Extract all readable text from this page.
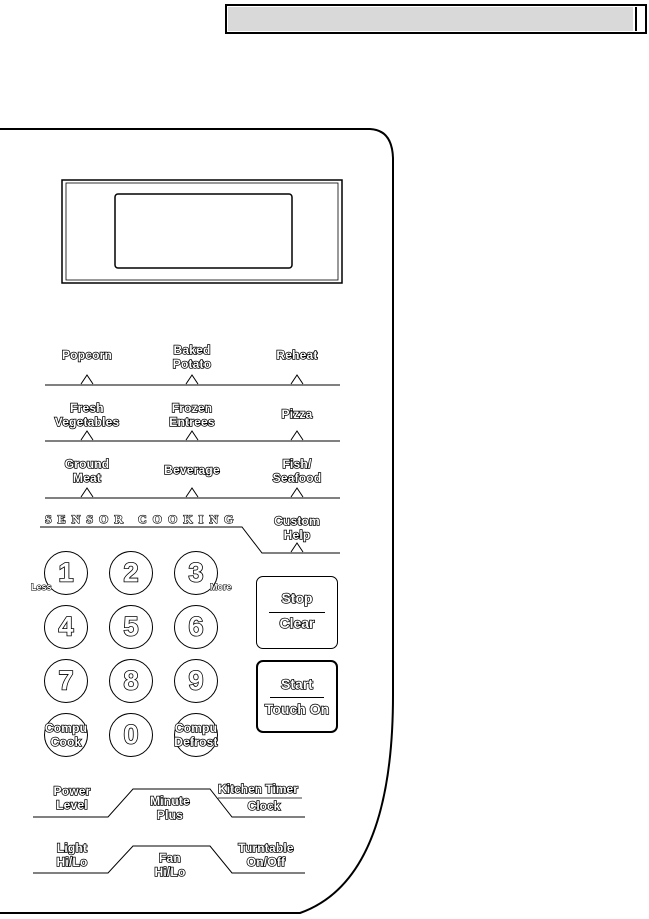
Popcorn	Baked
Potato
Reheat
Fresh
Vegetables
Frozen
Entrees
Pizza
Ground
Meat
Beverage	Fish/
Seafood
SENSOR COOKING	Custom
Help
1	2	3
Less	More
4	5	6
7	8	9
Compu
Cook	0	Compu
Defrost
Stop
Clear
Start
Touch On
Power
Level	Minute
Plus
Kitchen Timer
Clock
Light
Hi/Lo	Fan
Hi/Lo
Turntable
On/Off
